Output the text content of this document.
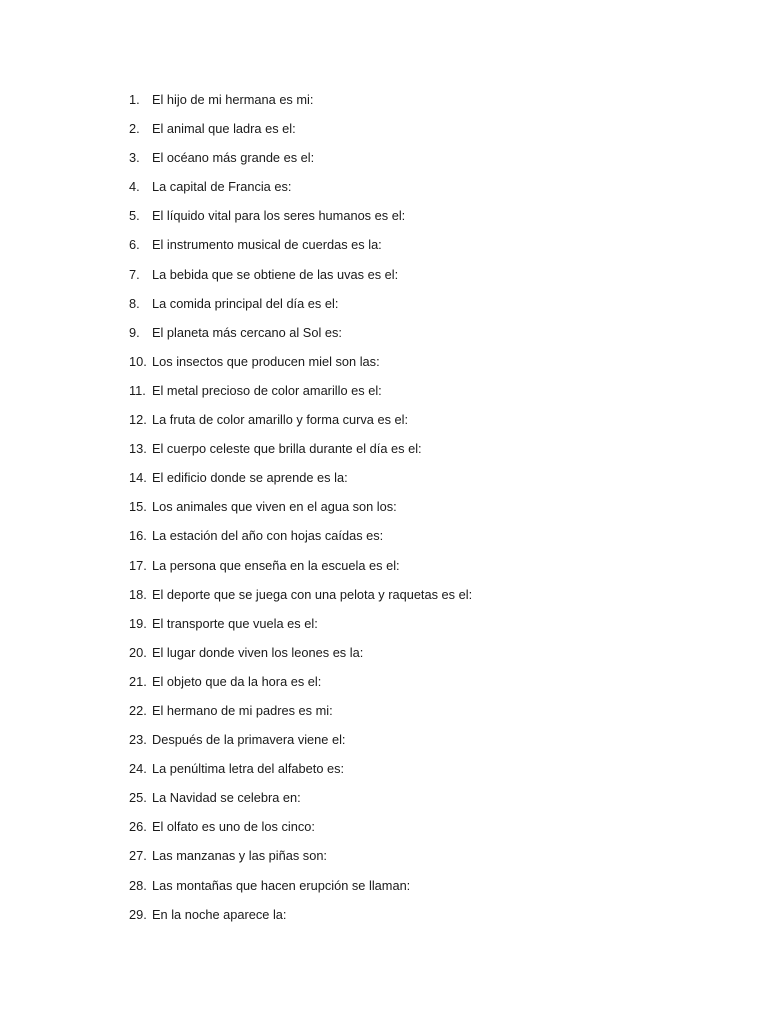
1. El hijo de mi hermana es mi:
2. El animal que ladra es el:
3. El océano más grande es el:
4. La capital de Francia es:
5. El líquido vital para los seres humanos es el:
6. El instrumento musical de cuerdas es la:
7. La bebida que se obtiene de las uvas es el:
8. La comida principal del día es el:
9. El planeta más cercano al Sol es:
10. Los insectos que producen miel son las:
11. El metal precioso de color amarillo es el:
12. La fruta de color amarillo y forma curva es el:
13. El cuerpo celeste que brilla durante el día es el:
14. El edificio donde se aprende es la:
15. Los animales que viven en el agua son los:
16. La estación del año con hojas caídas es:
17. La persona que enseña en la escuela es el:
18. El deporte que se juega con una pelota y raquetas es el:
19. El transporte que vuela es el:
20. El lugar donde viven los leones es la:
21. El objeto que da la hora es el:
22. El hermano de mi padres es mi:
23. Después de la primavera viene el:
24. La penúltima letra del alfabeto es:
25. La Navidad se celebra en:
26. El olfato es uno de los cinco:
27. Las manzanas y las piñas son:
28. Las montañas que hacen erupción se llaman:
29. En la noche aparece la:
